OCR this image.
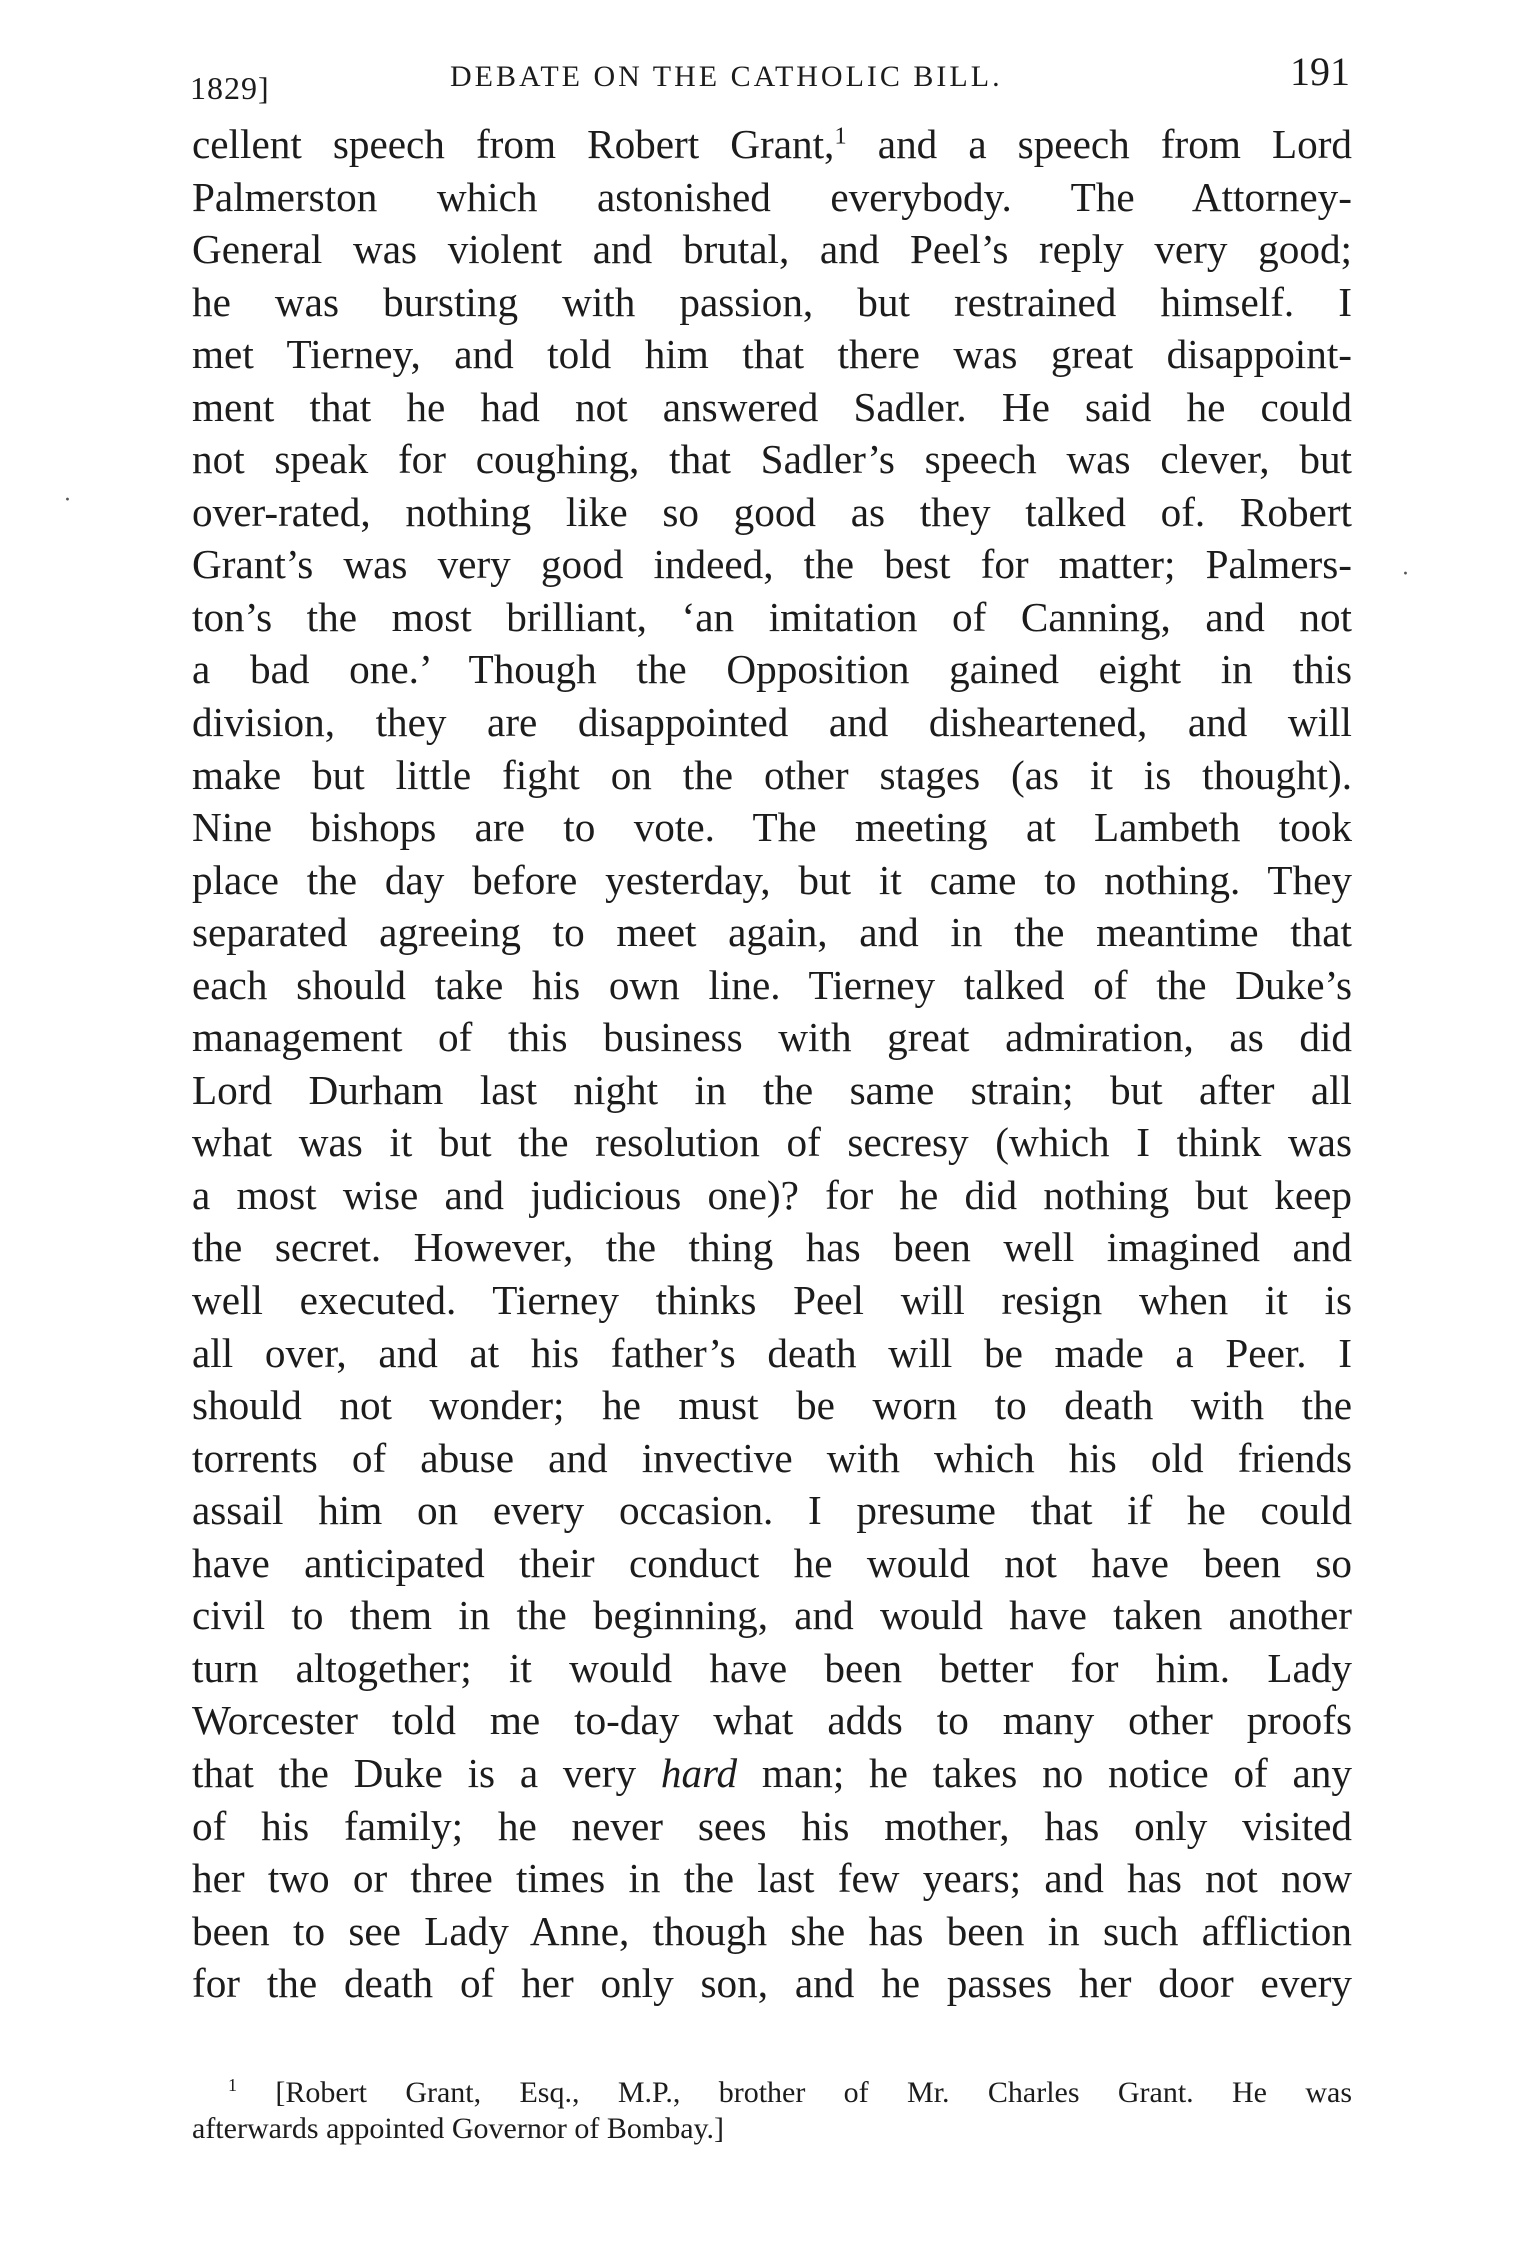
1829]	DEBATE ON THE CATHOLIC BILL.	191
cellent speech from Robert Grant,$^1$ and a speech from Lord
Palmerston which astonished everybody. The Attorney-
General was violent and brutal, and Peel’s reply very good;
he was bursting with passion, but restrained himself. I
met Tierney, and told him that there was great disappoint-
ment that he had not answered Sadler. He said he could
not speak for coughing, that Sadler’s speech was clever, but
over-rated, nothing like so good as they talked of. Robert
Grant’s was very good indeed, the best for matter; Palmers-
ton’s the most brilliant, ‘an imitation of Canning, and not
a bad one.’ Though the Opposition gained eight in this
division, they are disappointed and disheartened, and will
make but little fight on the other stages (as it is thought).
Nine bishops are to vote. The meeting at Lambeth took
place the day before yesterday, but it came to nothing. They
separated agreeing to meet again, and in the meantime that
each should take his own line. Tierney talked of the Duke’s
management of this business with great admiration, as did
Lord Durham last night in the same strain; but after all
what was it but the resolution of secresy (which I think was
a most wise and judicious one)? for he did nothing but keep
the secret. However, the thing has been well imagined and
well executed. Tierney thinks Peel will resign when it is
all over, and at his father’s death will be made a Peer. I
should not wonder; he must be worn to death with the
torrents of abuse and invective with which his old friends
assail him on every occasion. I presume that if he could
have anticipated their conduct he would not have been so
civil to them in the beginning, and would have taken another
turn altogether; it would have been better for him. Lady
Worcester told me to-day what adds to many other proofs
that the Duke is a very hard man; he takes no notice of any
of his family; he never sees his mother, has only visited
her two or three times in the last few years; and has not now
been to see Lady Anne, though she has been in such affliction
for the death of her only son, and he passes her door every
·
·
$^1$ [Robert Grant, Esq., M.P., brother of Mr. Charles Grant. He was
afterwards appointed Governor of Bombay.]
